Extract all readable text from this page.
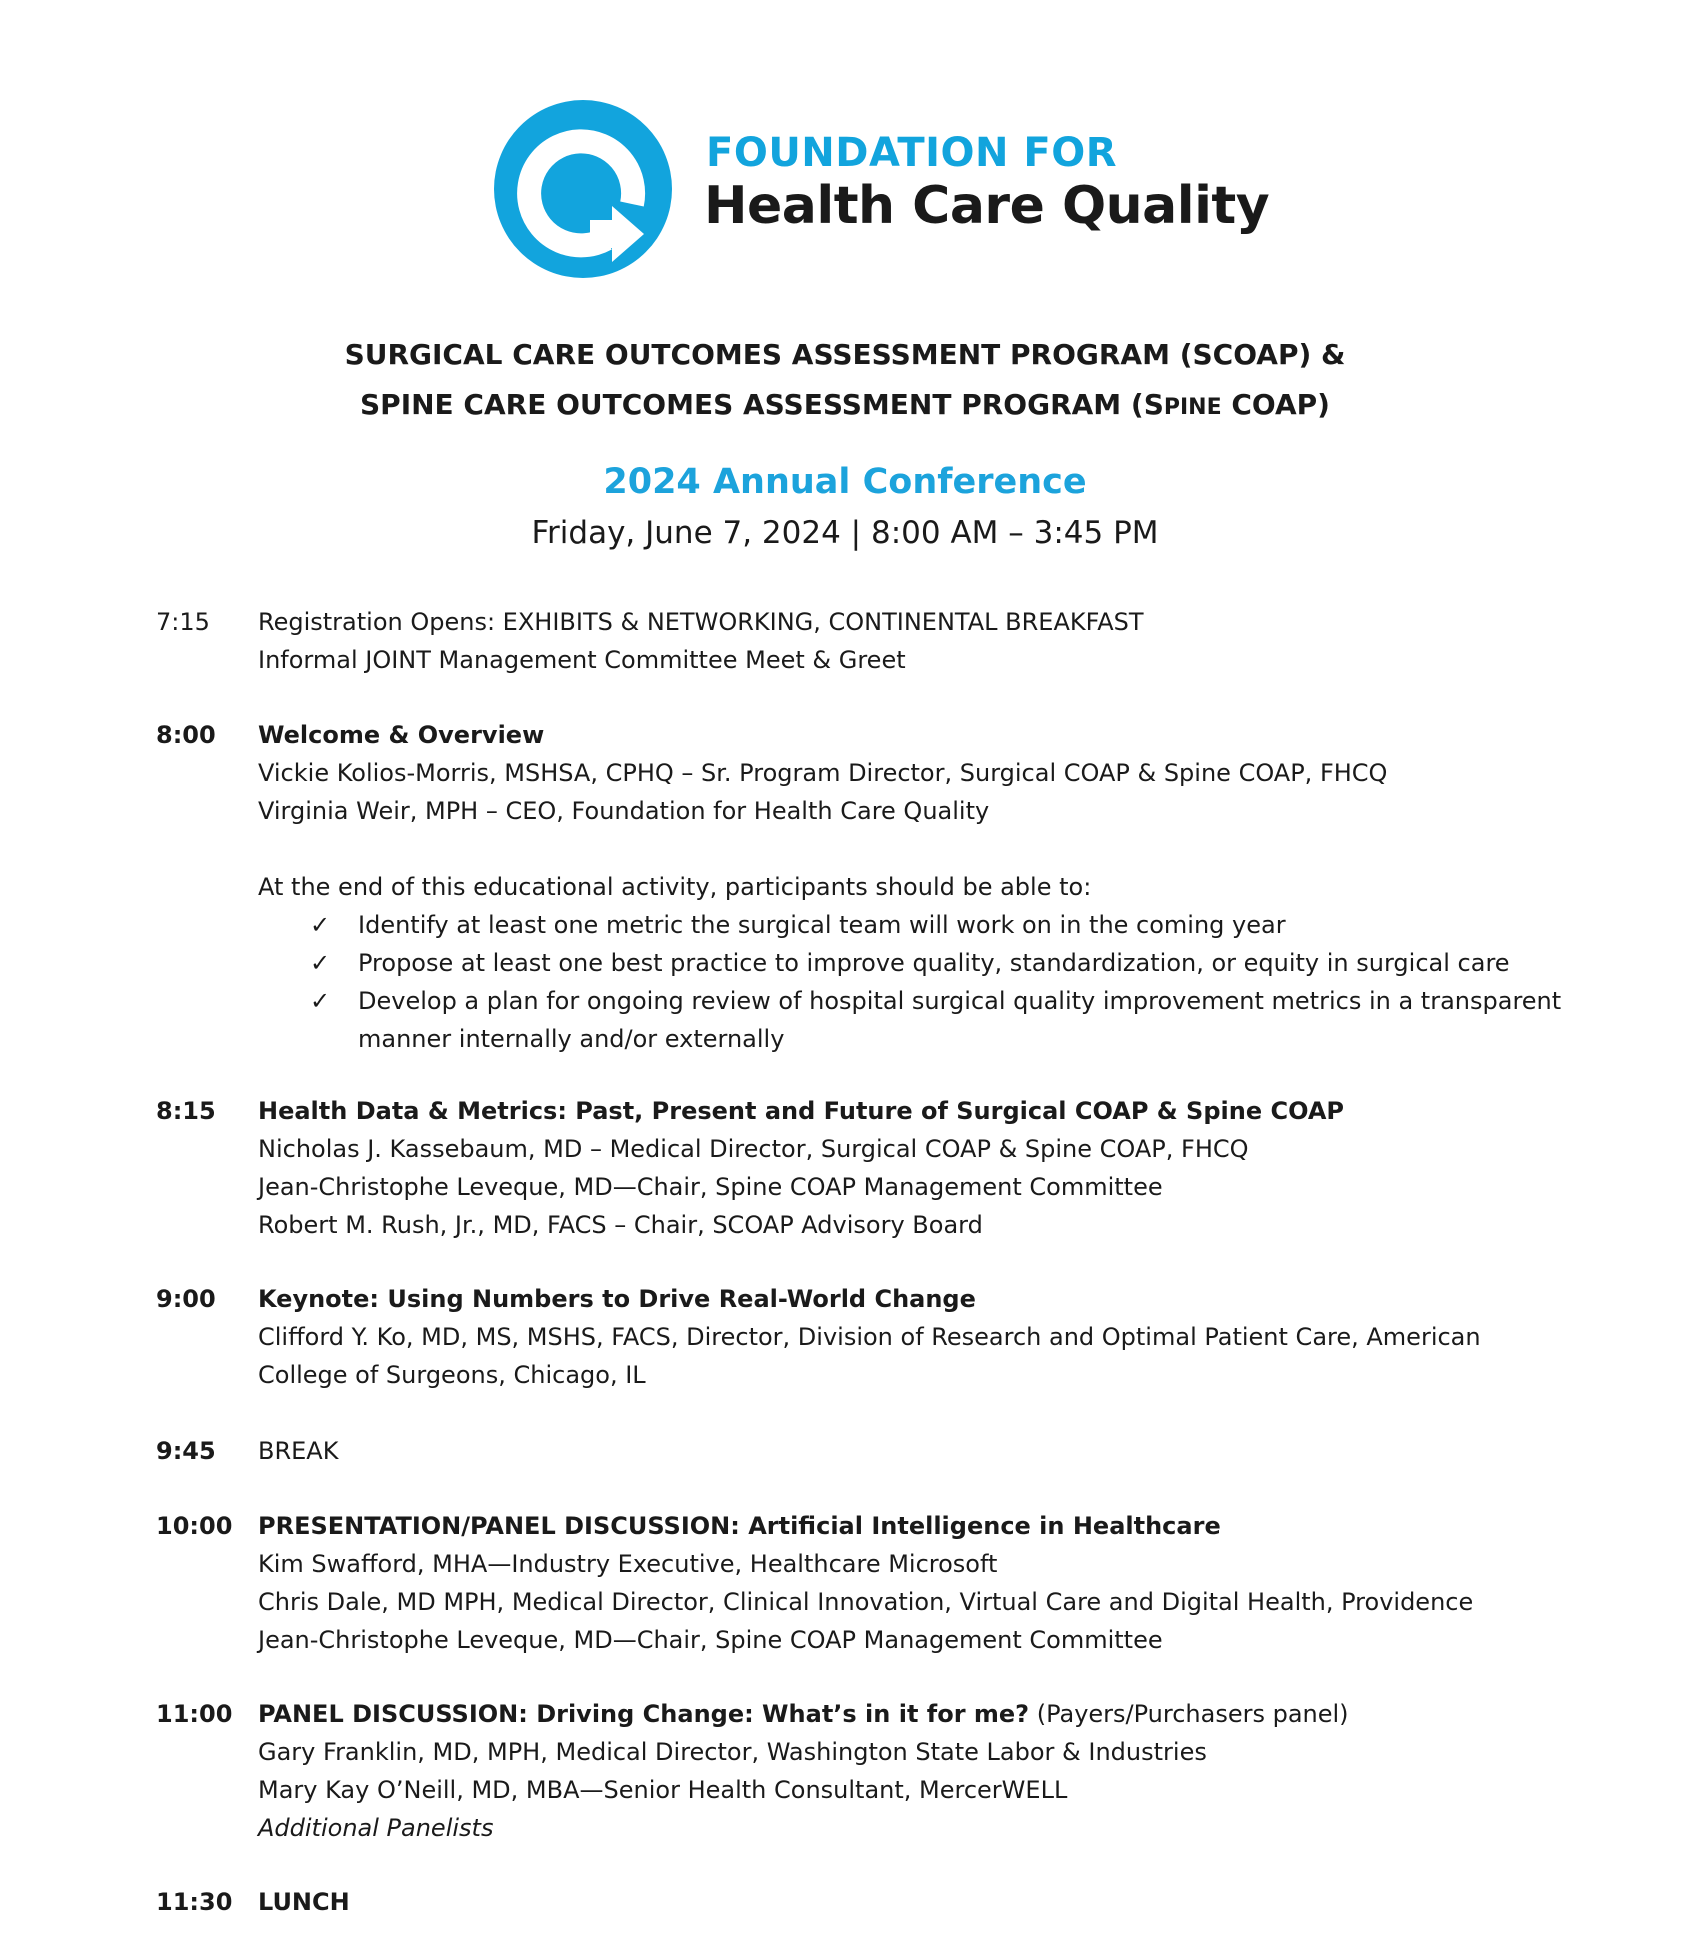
FOUNDATION FOR
Health Care Quality
SURGICAL CARE OUTCOMES ASSESSMENT PROGRAM (SCOAP) &
SPINE CARE OUTCOMES ASSESSMENT PROGRAM (SPINE COAP)
2024 Annual Conference
Friday, June 7, 2024 | 8:00 AM – 3:45 PM
7:15 Registration Opens: EXHIBITS & NETWORKING, CONTINENTAL BREAKFAST
Informal JOINT Management Committee Meet & Greet
8:00 Welcome & Overview
Vickie Kolios-Morris, MSHSA, CPHQ – Sr. Program Director, Surgical COAP & Spine COAP, FHCQ
Virginia Weir, MPH – CEO, Foundation for Health Care Quality
At the end of this educational activity, participants should be able to:
✓ Identify at least one metric the surgical team will work on in the coming year
✓ Propose at least one best practice to improve quality, standardization, or equity in surgical care
✓ Develop a plan for ongoing review of hospital surgical quality improvement metrics in a transparent manner internally and/or externally
8:15 Health Data & Metrics: Past, Present and Future of Surgical COAP & Spine COAP
Nicholas J. Kassebaum, MD – Medical Director, Surgical COAP & Spine COAP, FHCQ
Jean-Christophe Leveque, MD—Chair, Spine COAP Management Committee
Robert M. Rush, Jr., MD, FACS – Chair, SCOAP Advisory Board
9:00 Keynote: Using Numbers to Drive Real-World Change
Clifford Y. Ko, MD, MS, MSHS, FACS, Director, Division of Research and Optimal Patient Care, American
College of Surgeons, Chicago, IL
9:45 BREAK
10:00 PRESENTATION/PANEL DISCUSSION: Artificial Intelligence in Healthcare
Kim Swafford, MHA—Industry Executive, Healthcare Microsoft
Chris Dale, MD MPH, Medical Director, Clinical Innovation, Virtual Care and Digital Health, Providence
Jean-Christophe Leveque, MD—Chair, Spine COAP Management Committee
11:00 PANEL DISCUSSION: Driving Change: What’s in it for me? (Payers/Purchasers panel)
Gary Franklin, MD, MPH, Medical Director, Washington State Labor & Industries
Mary Kay O’Neill, MD, MBA—Senior Health Consultant, MercerWELL
Additional Panelists
11:30 LUNCH
